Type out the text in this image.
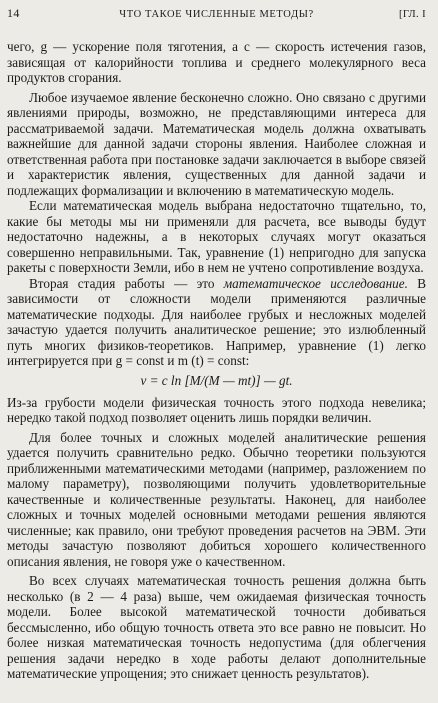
14	ЧТО ТАКОЕ ЧИСЛЕННЫЕ МЕТОДЫ?	[ГЛ. I

чего, g — ускорение поля тяготения, а c — скорость истечения газов, зависящая от калорийности топлива и среднего молекулярного веса продуктов сгорания.

Любое изучаемое явление бесконечно сложно. Оно связано с другими явлениями природы, возможно, не представляющими интереса для рассматриваемой задачи. Математическая модель должна охватывать важнейшие для данной задачи стороны явления. Наиболее сложная и ответственная работа при постановке задачи заключается в выборе связей и характеристик явления, существенных для данной задачи и подлежащих формализации и включению в математическую модель.

Если математическая модель выбрана недостаточно тщательно, то, какие бы методы мы ни применяли для расчета, все выводы будут недостаточно надежны, а в некоторых случаях могут оказаться совершенно неправильными. Так, уравнение (1) непригодно для запуска ракеты с поверхности Земли, ибо в нем не учтено сопротивление воздуха.

Вторая стадия работы — это математическое исследование. В зависимости от сложности модели применяются различные математические подходы. Для наиболее грубых и несложных моделей зачастую удается получить аналитическое решение; это излюбленный путь многих физиков-теоретиков. Например, уравнение (1) легко интегрируется при g = const и m (t) = const:

v = c ln [M/(M — mt)] — gt.

Из-за грубости модели физическая точность этого подхода невелика; нередко такой подход позволяет оценить лишь порядки величин.

Для более точных и сложных моделей аналитические решения удается получить сравнительно редко. Обычно теоретики пользуются приближенными математическими методами (например, разложением по малому параметру), позволяющими получить удовлетворительные качественные и количественные результаты. Наконец, для наиболее сложных и точных моделей основными методами решения являются численные; как правило, они требуют проведения расчетов на ЭВМ. Эти методы зачастую позволяют добиться хорошего количественного описания явления, не говоря уже о качественном.

Во всех случаях математическая точность решения должна быть несколько (в 2 — 4 раза) выше, чем ожидаемая физическая точность модели. Более высокой математической точности добиваться бессмысленно, ибо общую точность ответа это все равно не повысит. Но более низкая математическая точность недопустима (для облегчения решения задачи нередко в ходе работы делают дополнительные математические упрощения; это снижает ценность результатов).
